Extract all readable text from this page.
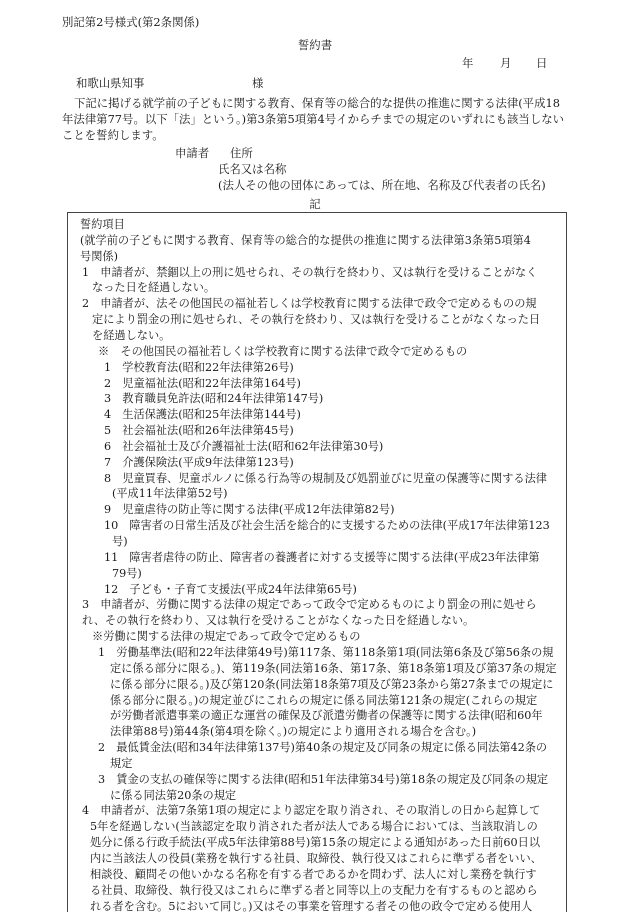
別記第2号様式(第2条関係)
誓約書
年 月 日
和歌山県知事	様
下記に掲げる就学前の子どもに関する教育、保育等の総合的な提供の推進に関する法律(平成18年法律第77号。以下「法」という。)第3条第5項第4号イからチまでの規定のいずれにも該当しないことを誓約します。
申請者 住所
氏名又は名称
(法人その他の団体にあっては、所在地、名称及び代表者の氏名)
記
誓約項目
(就学前の子どもに関する教育、保育等の総合的な提供の推進に関する法律第3条第5項第4
号関係)
1　申請者が、禁錮以上の刑に処せられ、その執行を終わり、又は執行を受けることがなく
なった日を経過しない。
2　申請者が、法その他国民の福祉若しくは学校教育に関する法律で政令で定めるものの規
定により罰金の刑に処せられ、その執行を終わり、又は執行を受けることがなくなった日
を経過しない。
※　その他国民の福祉若しくは学校教育に関する法律で政令で定めるもの
1　学校教育法(昭和22年法律第26号)
2　児童福祉法(昭和22年法律第164号)
3　教育職員免許法(昭和24年法律第147号)
4　生活保護法(昭和25年法律第144号)
5　社会福祉法(昭和26年法律第45号)
6　社会福祉士及び介護福祉士法(昭和62年法律第30号)
7　介護保険法(平成9年法律第123号)
8　児童買春、児童ポルノに係る行為等の規制及び処罰並びに児童の保護等に関する法律
(平成11年法律第52号)
9　児童虐待の防止等に関する法律(平成12年法律第82号)
10　障害者の日常生活及び社会生活を総合的に支援するための法律(平成17年法律第123
号)
11　障害者虐待の防止、障害者の養護者に対する支援等に関する法律(平成23年法律第
79号)
12　子ども・子育て支援法(平成24年法律第65号)
3　申請者が、労働に関する法律の規定であって政令で定めるものにより罰金の刑に処せら
れ、その執行を終わり、又は執行を受けることがなくなった日を経過しない。
※労働に関する法律の規定であって政令で定めるもの
1　労働基準法(昭和22年法律第49号)第117条、第118条第1項(同法第6条及び第56条の規
定に係る部分に限る。)、第119条(同法第16条、第17条、第18条第1項及び第37条の規定
に係る部分に限る。)及び第120条(同法第18条第7項及び第23条から第27条までの規定に
係る部分に限る。)の規定並びにこれらの規定に係る同法第121条の規定(これらの規定
が労働者派遣事業の適正な運営の確保及び派遣労働者の保護等に関する法律(昭和60年
法律第88号)第44条(第4項を除く。)の規定により適用される場合を含む。)
2　最低賃金法(昭和34年法律第137号)第40条の規定及び同条の規定に係る同法第42条の
規定
3　賃金の支払の確保等に関する法律(昭和51年法律第34号)第18条の規定及び同条の規定
に係る同法第20条の規定
4　申請者が、法第7条第1項の規定により認定を取り消され、その取消しの日から起算して
5年を経過しない(当該認定を取り消された者が法人である場合においては、当該取消しの
処分に係る行政手続法(平成5年法律第88号)第15条の規定による通知があった日前60日以
内に当該法人の役員(業務を執行する社員、取締役、執行役又はこれらに準ずる者をいい、
相談役、顧問その他いかなる名称を有する者であるかを問わず、法人に対し業務を執行す
る社員、取締役、執行役又はこれらに準ずる者と同等以上の支配力を有するものと認めら
れる者を含む。5において同じ。)又はその事業を管理する者その他の政令で定める使用人
